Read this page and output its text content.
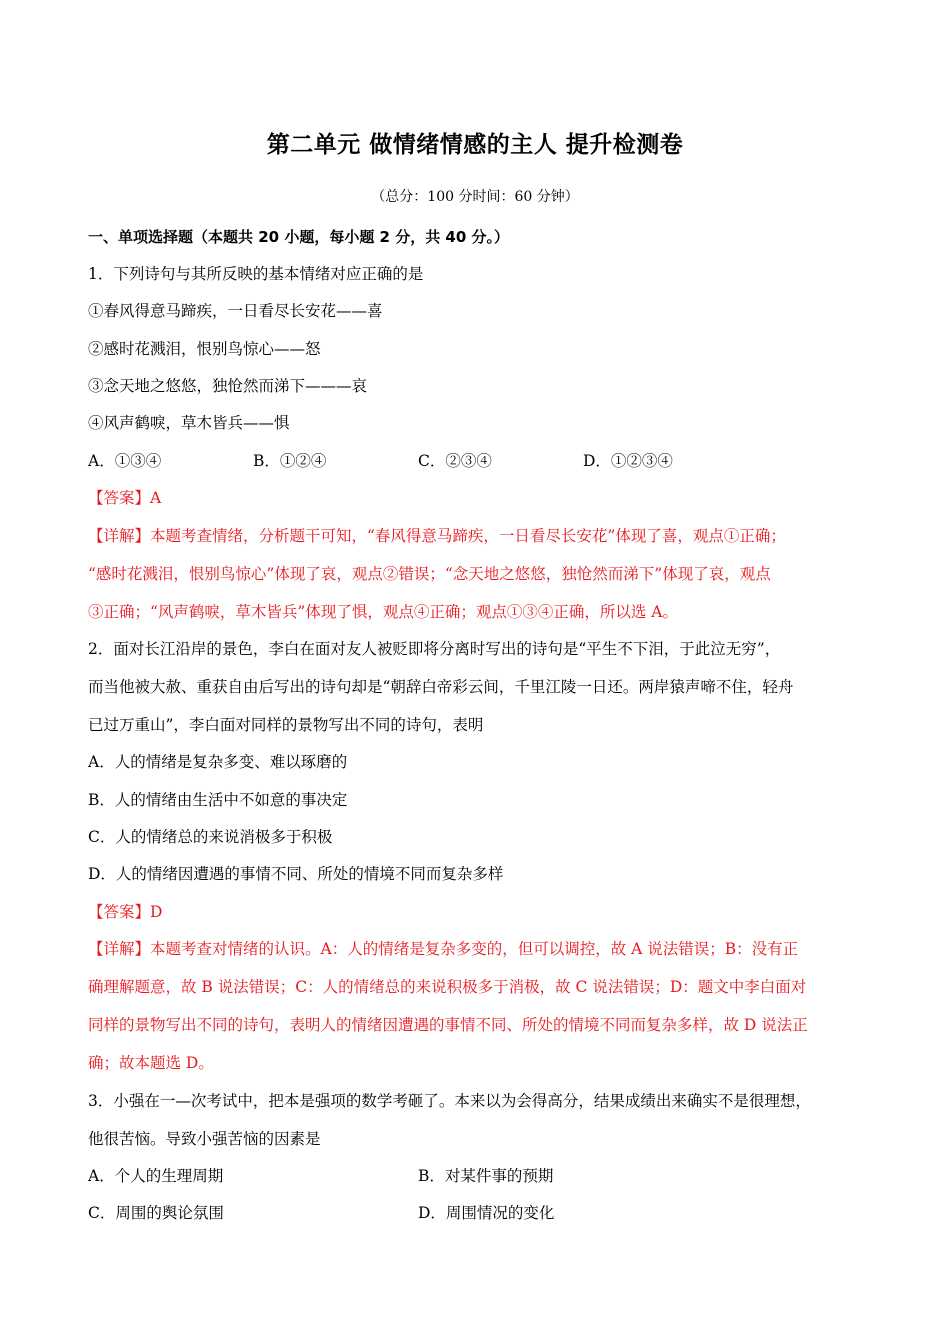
第二单元 做情绪情感的主人 提升检测卷
（总分：100 分时间：60 分钟）
一、单项选择题（本题共 20 小题，每小题 2 分，共 40 分。）
1．下列诗句与其所反映的基本情绪对应正确的是
①春风得意马蹄疾，一日看尽长安花——喜
②感时花溅泪，恨别鸟惊心——怒
③念天地之悠悠，独怆然而涕下———哀
④风声鹤唳，草木皆兵——惧
A．①③④	B．①②④	C．②③④	D．①②③④
【答案】A
【详解】本题考查情绪，分析题干可知，“春风得意马蹄疾，一日看尽长安花”体现了喜，观点①正确；
“感时花溅泪，恨别鸟惊心”体现了哀，观点②错误；“念天地之悠悠，独怆然而涕下”体现了哀，观点
③正确；“风声鹤唳，草木皆兵”体现了惧，观点④正确；观点①③④正确，所以选 A。
2．面对长江沿岸的景色，李白在面对友人被贬即将分离时写出的诗句是“平生不下泪，于此泣无穷”，
而当他被大赦、重获自由后写出的诗句却是“朝辞白帝彩云间，千里江陵一日还。两岸猿声啼不住，轻舟
已过万重山”，李白面对同样的景物写出不同的诗句，表明
A．人的情绪是复杂多变、难以琢磨的
B．人的情绪由生活中不如意的事决定
C．人的情绪总的来说消极多于积极
D．人的情绪因遭遇的事情不同、所处的情境不同而复杂多样
【答案】D
【详解】本题考查对情绪的认识。A：人的情绪是复杂多变的，但可以调控，故 A 说法错误；B：没有正
确理解题意，故 B 说法错误；C：人的情绪总的来说积极多于消极，故 C 说法错误；D：题文中李白面对
同样的景物写出不同的诗句，表明人的情绪因遭遇的事情不同、所处的情境不同而复杂多样，故 D 说法正
确；故本题选 D。
3．小强在一—次考试中，把本是强项的数学考砸了。本来以为会得高分，结果成绩出来确实不是很理想，
他很苦恼。导致小强苦恼的因素是
A．个人的生理周期	B．对某件事的预期
C．周围的舆论氛围	D．周围情况的变化
